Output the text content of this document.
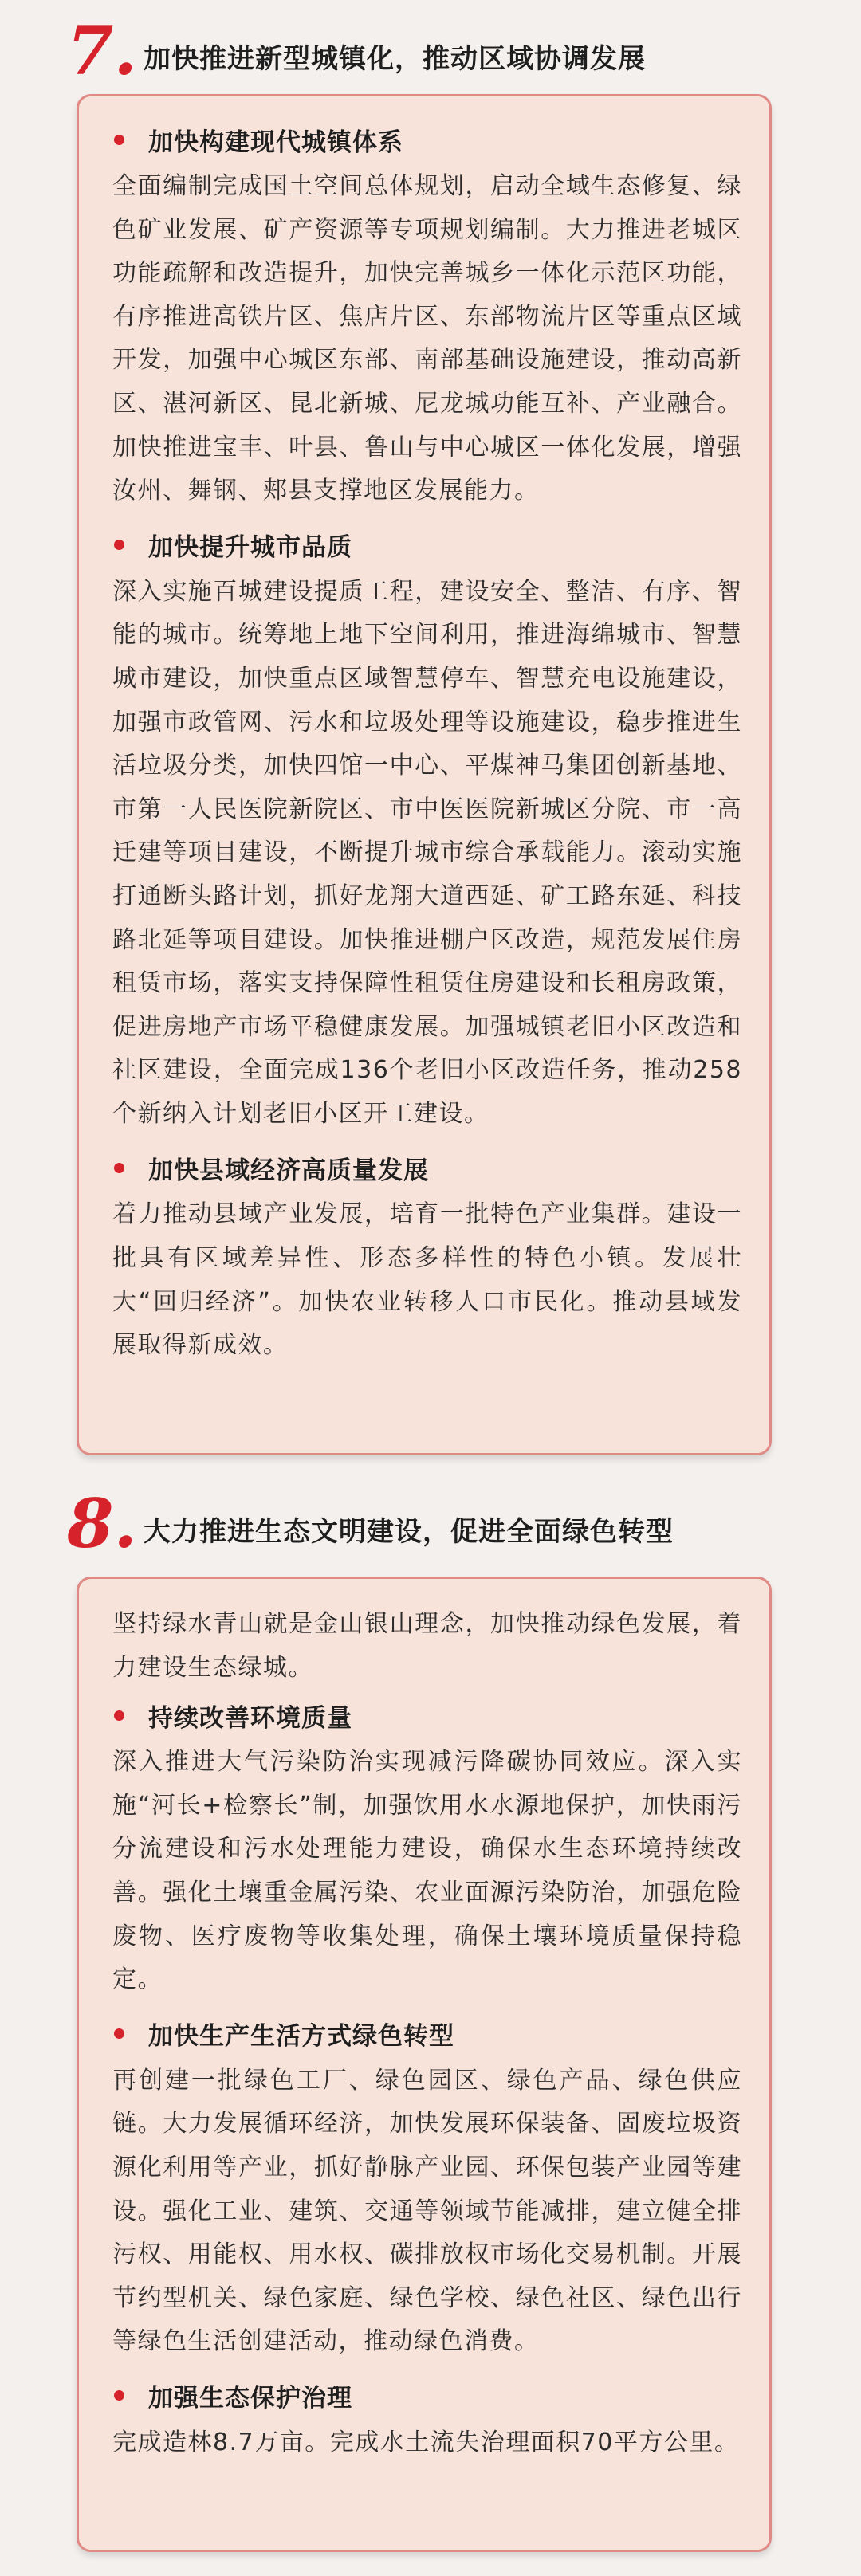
7. 加快推进新型城镇化，推动区域协调发展
加快构建现代城镇体系
全面编制完成国土空间总体规划，启动全域生态修复、绿色矿业发展、矿产资源等专项规划编制。大力推进老城区功能疏解和改造提升，加快完善城乡一体化示范区功能，有序推进高铁片区、焦店片区、东部物流片区等重点区域开发，加强中心城区东部、南部基础设施建设，推动高新区、湛河新区、昆北新城、尼龙城功能互补、产业融合。加快推进宝丰、叶县、鲁山与中心城区一体化发展，增强汝州、舞钢、郏县支撑地区发展能力。
加快提升城市品质
深入实施百城建设提质工程，建设安全、整洁、有序、智能的城市。统筹地上地下空间利用，推进海绵城市、智慧城市建设，加快重点区域智慧停车、智慧充电设施建设，加强市政管网、污水和垃圾处理等设施建设，稳步推进生活垃圾分类，加快四馆一中心、平煤神马集团创新基地、市第一人民医院新院区、市中医医院新城区分院、市一高迁建等项目建设，不断提升城市综合承载能力。滚动实施打通断头路计划，抓好龙翔大道西延、矿工路东延、科技路北延等项目建设。加快推进棚户区改造，规范发展住房租赁市场，落实支持保障性租赁住房建设和长租房政策，促进房地产市场平稳健康发展。加强城镇老旧小区改造和社区建设，全面完成136个老旧小区改造任务，推动258个新纳入计划老旧小区开工建设。
加快县域经济高质量发展
着力推动县域产业发展，培育一批特色产业集群。建设一批具有区域差异性、形态多样性的特色小镇。发展壮大“回归经济”。加快农业转移人口市民化。推动县域发展取得新成效。
8. 大力推进生态文明建设，促进全面绿色转型
坚持绿水青山就是金山银山理念，加快推动绿色发展，着力建设生态绿城。
持续改善环境质量
深入推进大气污染防治实现减污降碳协同效应。深入实施“河长+检察长”制，加强饮用水水源地保护，加快雨污分流建设和污水处理能力建设，确保水生态环境持续改善。强化土壤重金属污染、农业面源污染防治，加强危险废物、医疗废物等收集处理，确保土壤环境质量保持稳定。
加快生产生活方式绿色转型
再创建一批绿色工厂、绿色园区、绿色产品、绿色供应链。大力发展循环经济，加快发展环保装备、固废垃圾资源化利用等产业，抓好静脉产业园、环保包装产业园等建设。强化工业、建筑、交通等领域节能减排，建立健全排污权、用能权、用水权、碳排放权市场化交易机制。开展节约型机关、绿色家庭、绿色学校、绿色社区、绿色出行等绿色生活创建活动，推动绿色消费。
加强生态保护治理
完成造林8.7万亩。完成水土流失治理面积70平方公里。
